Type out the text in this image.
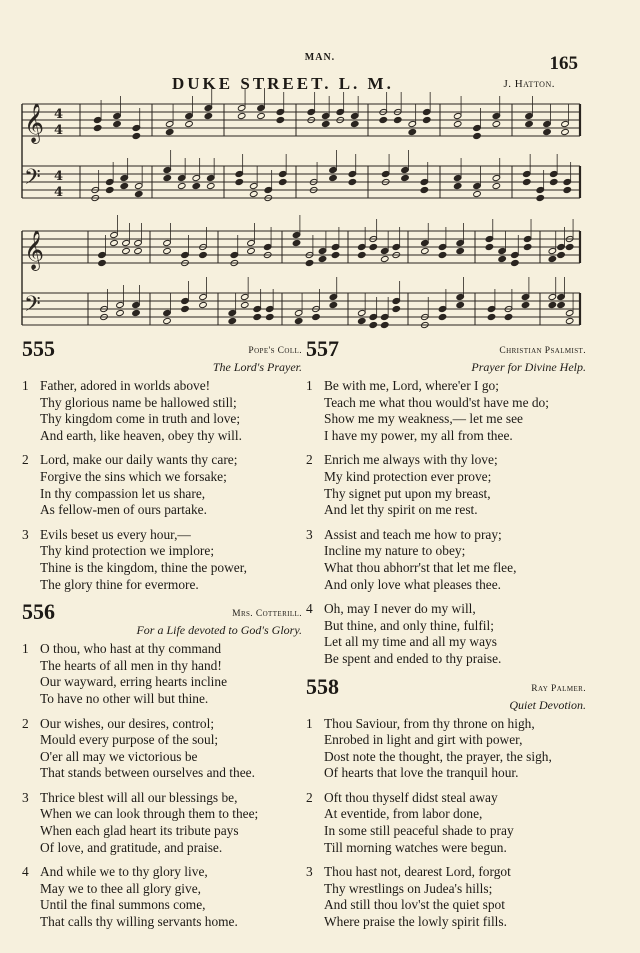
MAN.	165
DUKE STREET. L. M.	J. Hatton.
𝄞 4
4
𝄢 4
4
𝄞
𝄢
555	Pope's Coll.
The Lord's Prayer.
1 Father, adored in worlds above!
Thy glorious name be hallowed still;
Thy kingdom come in truth and love;
And earth, like heaven, obey thy will.
2 Lord, make our daily wants thy care;
Forgive the sins which we forsake;
In thy compassion let us share,
As fellow-men of ours partake.
3 Evils beset us every hour,—
Thy kind protection we implore;
Thine is the kingdom, thine the power,
The glory thine for evermore.
556	Mrs. Cotterill.
For a Life devoted to God's Glory.
1 O thou, who hast at thy command
The hearts of all men in thy hand!
Our wayward, erring hearts incline
To have no other will but thine.
2 Our wishes, our desires, control;
Mould every purpose of the soul;
O'er all may we victorious be
That stands between ourselves and thee.
3 Thrice blest will all our blessings be,
When we can look through them to thee;
When each glad heart its tribute pays
Of love, and gratitude, and praise.
4 And while we to thy glory live,
May we to thee all glory give,
Until the final summons come,
That calls thy willing servants home.
557	Christian Psalmist.
Prayer for Divine Help.
1 Be with me, Lord, where'er I go;
Teach me what thou would'st have me do;
Show me my weakness,— let me see
I have my power, my all from thee.
2 Enrich me always with thy love;
My kind protection ever prove;
Thy signet put upon my breast,
And let thy spirit on me rest.
3 Assist and teach me how to pray;
Incline my nature to obey;
What thou abhorr'st that let me flee,
And only love what pleases thee.
4 Oh, may I never do my will,
But thine, and only thine, fulfil;
Let all my time and all my ways
Be spent and ended to thy praise.
558	Ray Palmer.
Quiet Devotion.
1 Thou Saviour, from thy throne on high,
Enrobed in light and girt with power,
Dost note the thought, the prayer, the sigh,
Of hearts that love the tranquil hour.
2 Oft thou thyself didst steal away
At eventide, from labor done,
In some still peaceful shade to pray
Till morning watches were begun.
3 Thou hast not, dearest Lord, forgot
Thy wrestlings on Judea's hills;
And still thou lov'st the quiet spot
Where praise the lowly spirit fills.
